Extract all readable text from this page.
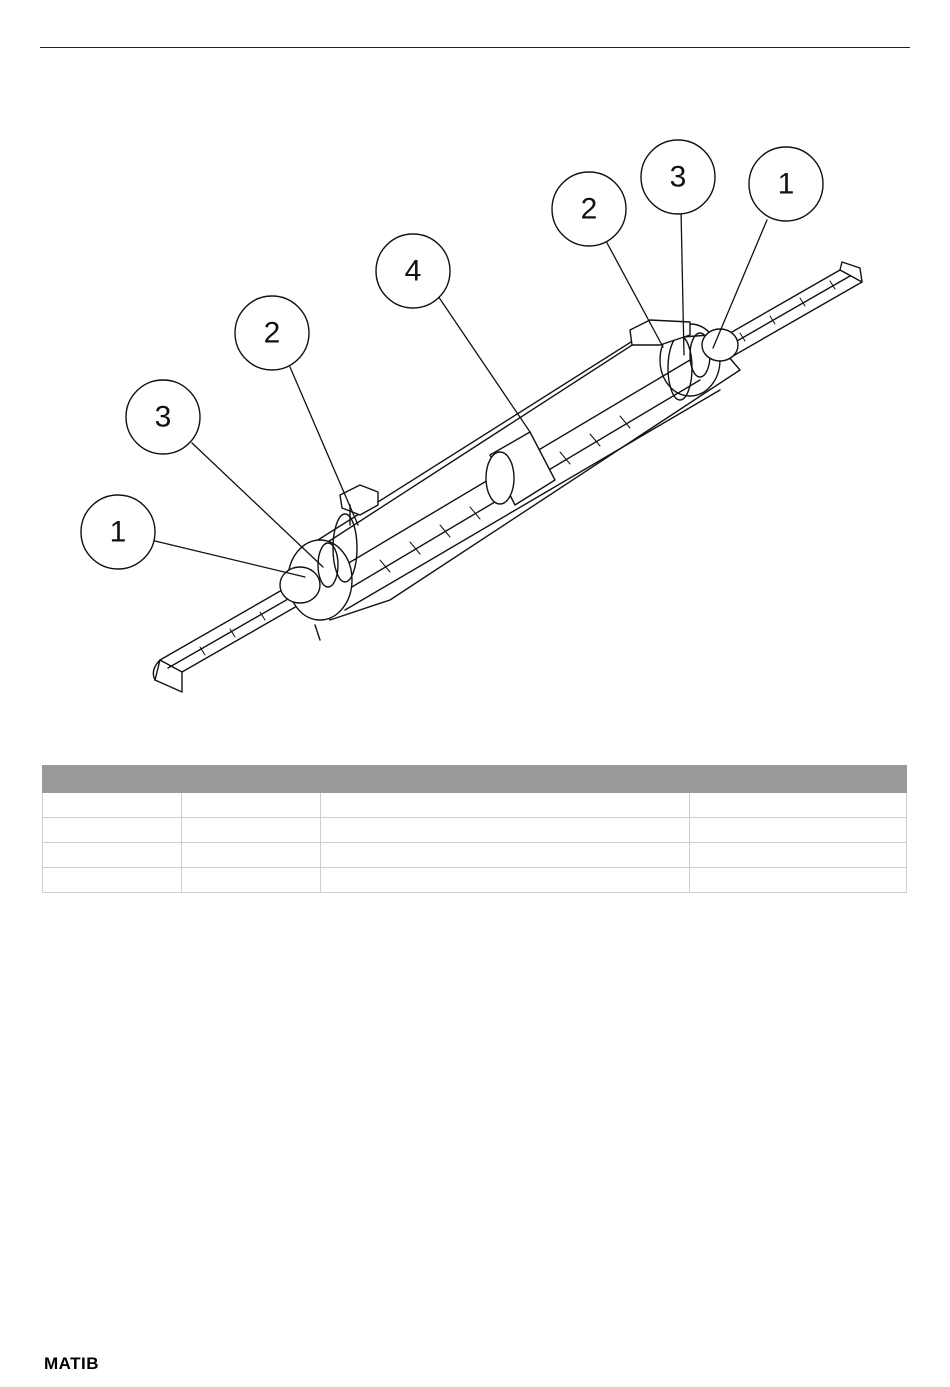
1
3
2
4
2
3	1

MATIB
